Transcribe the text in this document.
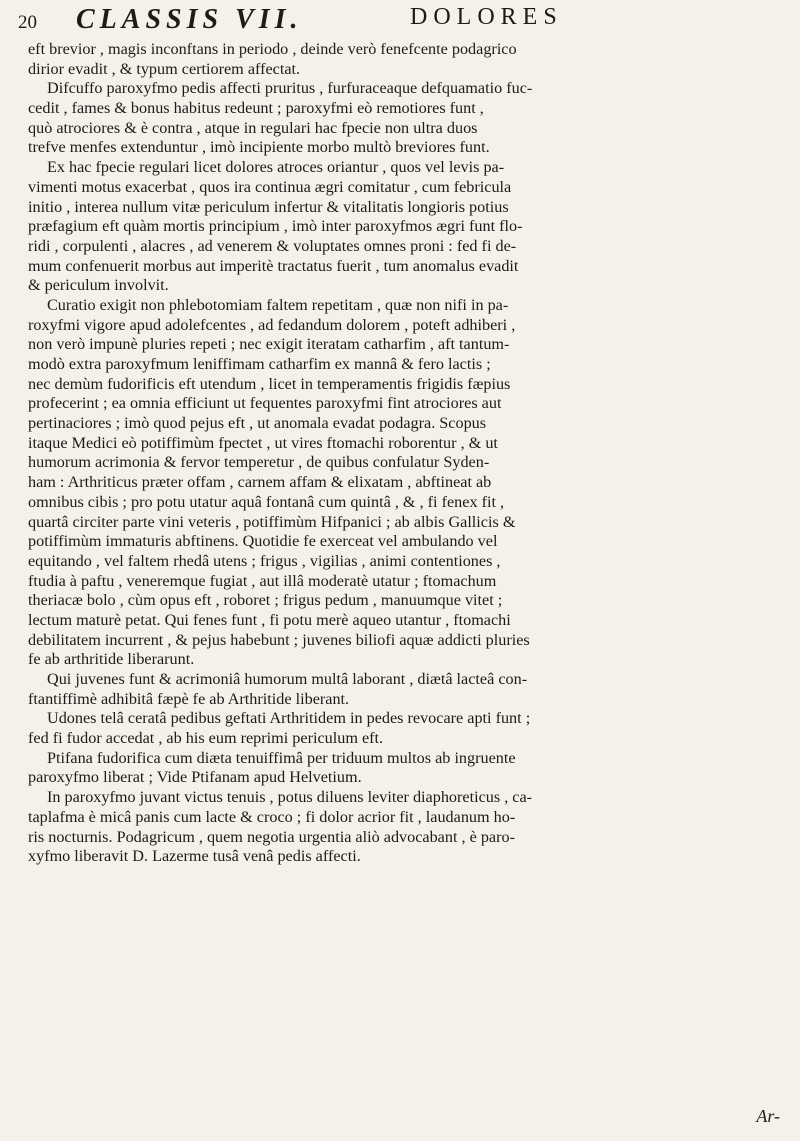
20 CLASSIS VII.	DOLORES
eft brevior , magis inconftans in periodo , deinde verò fenefcente podagrico
dirior evadit , & typum certiorem affectat.
Difcuffo paroxyfmo pedis affecti pruritus , furfuraceaque defquamatio fuc-
cedit , fames & bonus habitus redeunt ; paroxyfmi eò remotiores funt ,
quò atrociores & è contra , atque in regulari hac fpecie non ultra duos
trefve menfes extenduntur , imò incipiente morbo multò breviores funt.
Ex hac fpecie regulari licet dolores atroces oriantur , quos vel levis pa-
vimenti motus exacerbat , quos ira continua ægri comitatur , cum febricula
initio , interea nullum vitæ periculum infertur & vitalitatis longioris potius
præfagium eft quàm mortis principium , imò inter paroxyfmos ægri funt flo-
ridi , corpulenti , alacres , ad venerem & voluptates omnes proni : fed fi de-
mum confenuerit morbus aut imperitè tractatus fuerit , tum anomalus evadit
& periculum involvit.
Curatio exigit non phlebotomiam faltem repetitam , quæ non nifi in pa-
roxyfmi vigore apud adolefcentes , ad fedandum dolorem , poteft adhiberi ,
non verò impunè pluries repeti ; nec exigit iteratam catharfim , aft tantum-
modò extra paroxyfmum leniffimam catharfim ex mannâ & fero lactis ;
nec demùm fudorificis eft utendum , licet in temperamentis frigidis fæpius
profecerint ; ea omnia efficiunt ut fequentes paroxyfmi fint atrociores aut
pertinaciores ; imò quod pejus eft , ut anomala evadat podagra. Scopus
itaque Medici eò potiffimùm fpectet , ut vires ftomachi roborentur , & ut
humorum acrimonia & fervor temperetur , de quibus confulatur Syden-
ham : Arthriticus præter offam , carnem affam & elixatam , abftineat ab
omnibus cibis ; pro potu utatur aquâ fontanâ cum quintâ , & , fi fenex fit ,
quartâ circiter parte vini veteris , potiffimùm Hifpanici ; ab albis Gallicis &
potiffimùm immaturis abftinens. Quotidie fe exerceat vel ambulando vel
equitando , vel faltem rhedâ utens ; frigus , vigilias , animi contentiones ,
ftudia à paftu , veneremque fugiat , aut illâ moderatè utatur ; ftomachum
theriacæ bolo , cùm opus eft , roboret ; frigus pedum , manuumque vitet ;
lectum maturè petat. Qui fenes funt , fi potu merè aqueo utantur , ftomachi
debilitatem incurrent , & pejus habebunt ; juvenes biliofi aquæ addicti pluries
fe ab arthritide liberarunt.
Qui juvenes funt & acrimoniâ humorum multâ laborant , diætâ lacteâ con-
ftantiffimè adhibitâ fæpè fe ab Arthritide liberant.
Udones telâ ceratâ pedibus geftati Arthritidem in pedes revocare apti funt ;
fed fi fudor accedat , ab his eum reprimi periculum eft.
Ptifana fudorifica cum diæta tenuiffimâ per triduum multos ab ingruente
paroxyfmo liberat ; Vide Ptifanam apud Helvetium.
In paroxyfmo juvant victus tenuis , potus diluens leviter diaphoreticus , ca-
taplafma è micâ panis cum lacte & croco ; fi dolor acrior fit , laudanum ho-
ris nocturnis. Podagricum , quem negotia urgentia aliò advocabant , è paro-
xyfmo liberavit D. Lazerme tusâ venâ pedis affecti.
Ar-
